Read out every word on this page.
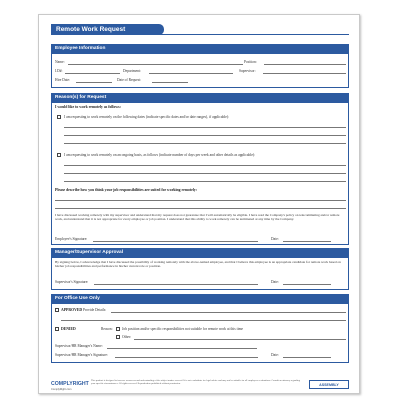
Remote Work Request
Employee Information
Name:	Position:
I.D#:	Department:	Supervisor:
Hire Date:	Date of Request:
Reason(s) for Request
I would like to work remotely as follows:
I am requesting to work remotely on the following dates (indicate specific dates and/or date ranges), if applicable):
I am requesting to work remotely on an ongoing basis, as follows (indicate number of days per week and other details as applicable):
Please describe how you think your job responsibilities are suited for working remotely:
I have discussed working remotely with my supervisor and understand that my request does not guarantee that I will automatically be eligible. I have read the Company's policy on telecommuting and/or remote work, and understand that it is not appropriate for every employee or job position. I understand that this ability to work remotely can be terminated at any time by the Company.
Employee's Signature:	Date:
Manager/Supervisor Approval
By signing below, I acknowledge that I have discussed the possibility of working remotely with the above-named employee, and that I believe this employee is an appropriate candidate for remote work based on his/her job responsibilities and performance in his/her current role or position.
Supervisor's Signature:	Date:
For Office Use Only
APPROVED Provide Details:
DENIED	Reason:	Job position and/or specific responsibilities not suitable for remote work at this time
Other:
Supervisor/HR Manager's Name:
Supervisor/HR Manager's Signature:	Date:
COMPLYRIGHT
ComplyRight.com
This product is designed to increase awareness and understanding of the subject matter covered. It is not a substitute for legal advice and may not be suitable for all employers or situations. Consult an attorney regarding your specific circumstances. All rights reserved. Reproduction prohibited without permission.	ASSEMBLY
